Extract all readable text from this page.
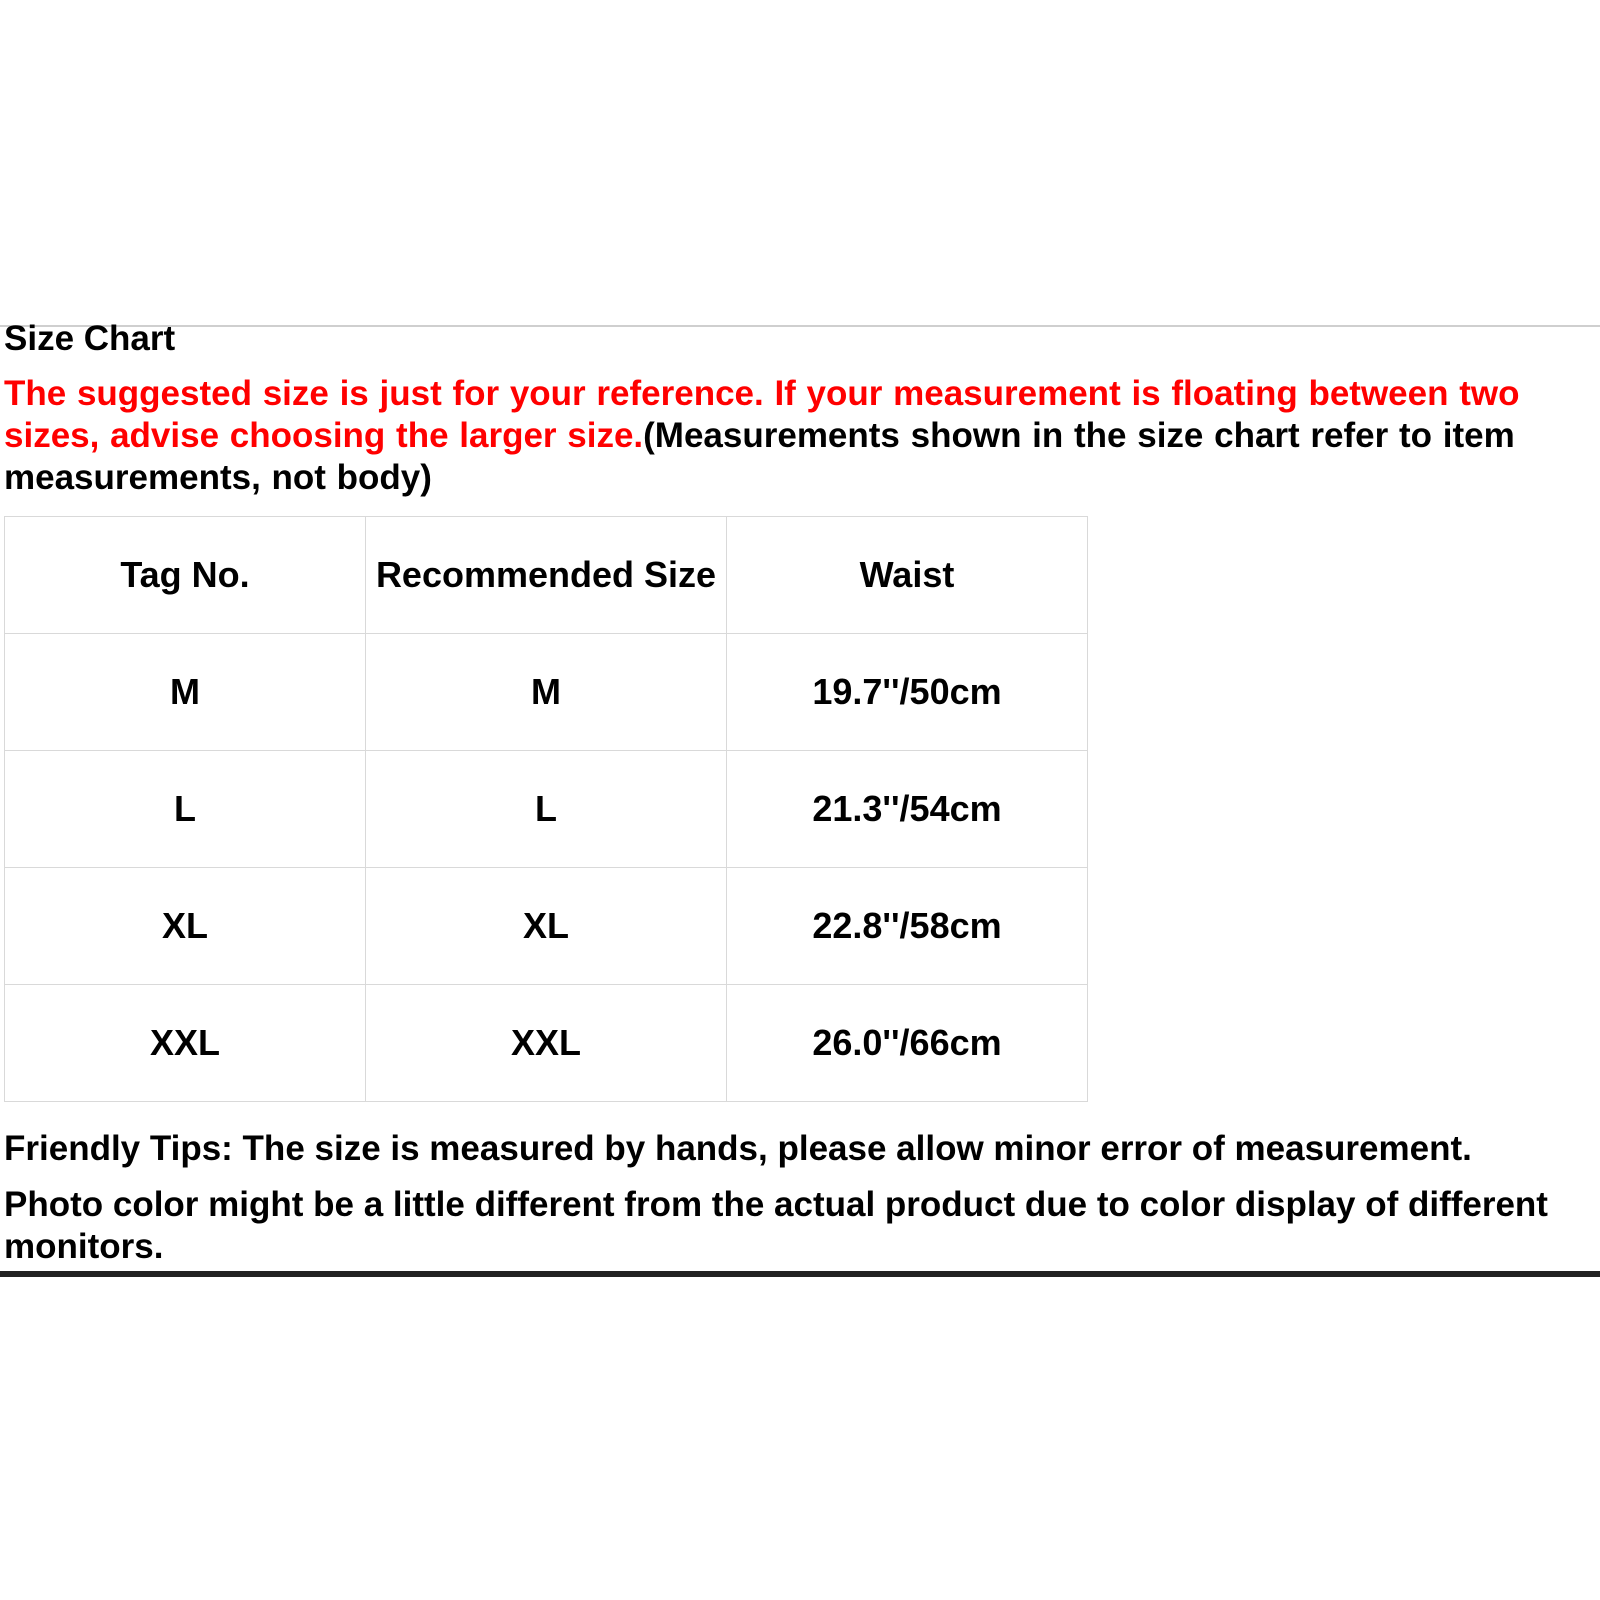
Size Chart

The suggested size is just for your reference. If your measurement is floating between two sizes, advise choosing the larger size.(Measurements shown in the size chart refer to item measurements, not body)

Tag No.	Recommended Size	Waist
M	M	19.7''/50cm
L	L	21.3''/54cm
XL	XL	22.8''/58cm
XXL	XXL	26.0''/66cm

Friendly Tips: The size is measured by hands, please allow minor error of measurement.

Photo color might be a little different from the actual product due to color display of different monitors.
